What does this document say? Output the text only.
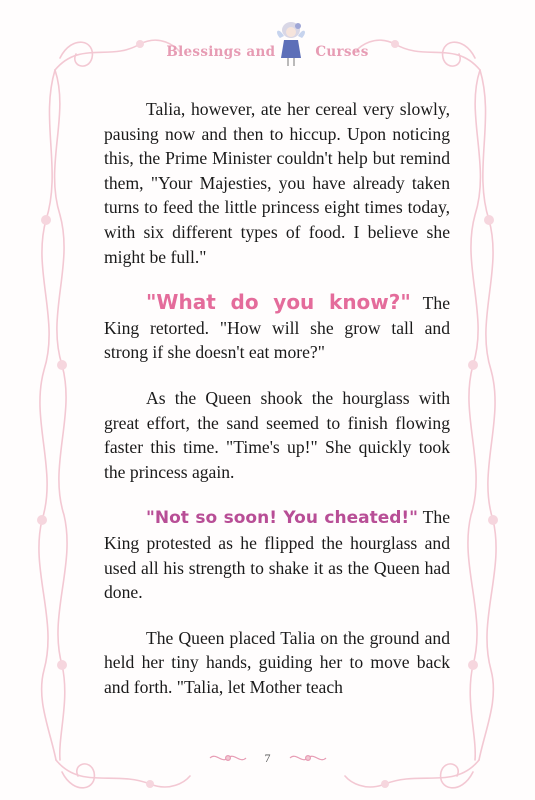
Blessings and	Curses

Talia, however, ate her cereal very slowly, pausing now and then to hiccup. Upon noticing this, the Prime Minister couldn't help but remind them, "Your Majesties, you have already taken turns to feed the little princess eight times today, with six different types of food. I believe she might be full."

"What do you know?" The King retorted. "How will she grow tall and strong if she doesn't eat more?"

As the Queen shook the hourglass with great effort, the sand seemed to finish flowing faster this time. "Time's up!" She quickly took the princess again.

"Not so soon! You cheated!" The King protested as he flipped the hourglass and used all his strength to shake it as the Queen had done.

The Queen placed Talia on the ground and held her tiny hands, guiding her to move back and forth. "Talia, let Mother teach

7
